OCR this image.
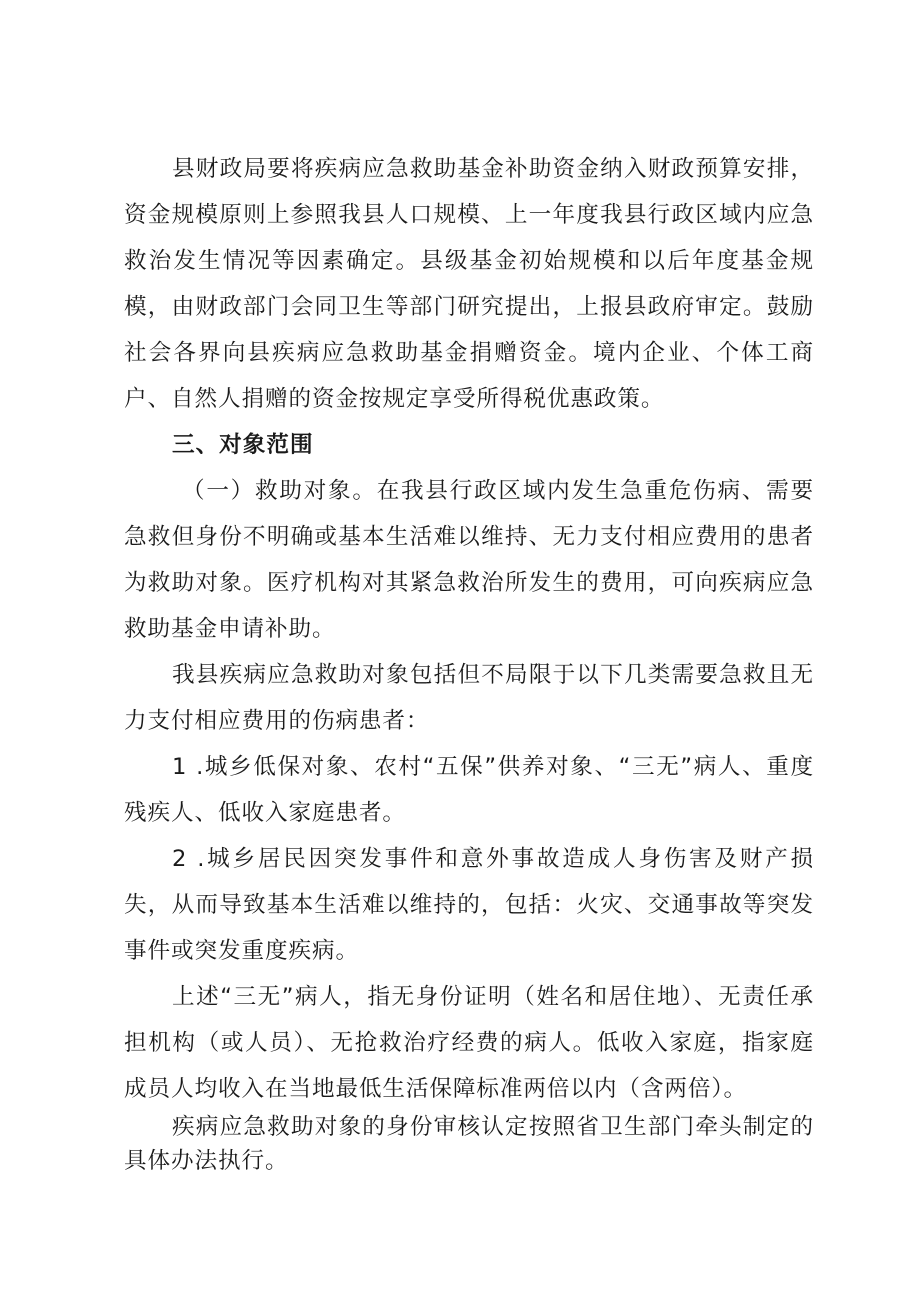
县财政局要将疾病应急救助基金补助资金纳入财政预算安排，资金规模原则上参照我县人口规模、上一年度我县行政区域内应急救治发生情况等因素确定。县级基金初始规模和以后年度基金规模，由财政部门会同卫生等部门研究提出，上报县政府审定。鼓励社会各界向县疾病应急救助基金捐赠资金。境内企业、个体工商户、自然人捐赠的资金按规定享受所得税优惠政策。

三、对象范围

（一）救助对象。在我县行政区域内发生急重危伤病、需要急救但身份不明确或基本生活难以维持、无力支付相应费用的患者为救助对象。医疗机构对其紧急救治所发生的费用，可向疾病应急救助基金申请补助。

我县疾病应急救助对象包括但不局限于以下几类需要急救且无力支付相应费用的伤病患者：

1 .城乡低保对象、农村“五保”供养对象、“三无”病人、重度残疾人、低收入家庭患者。

2 .城乡居民因突发事件和意外事故造成人身伤害及财产损失，从而导致基本生活难以维持的，包括：火灾、交通事故等突发事件或突发重度疾病。

上述“三无”病人，指无身份证明（姓名和居住地）、无责任承担机构（或人员）、无抢救治疗经费的病人。低收入家庭，指家庭成员人均收入在当地最低生活保障标准两倍以内（含两倍）。

疾病应急救助对象的身份审核认定按照省卫生部门牵头制定的具体办法执行。
